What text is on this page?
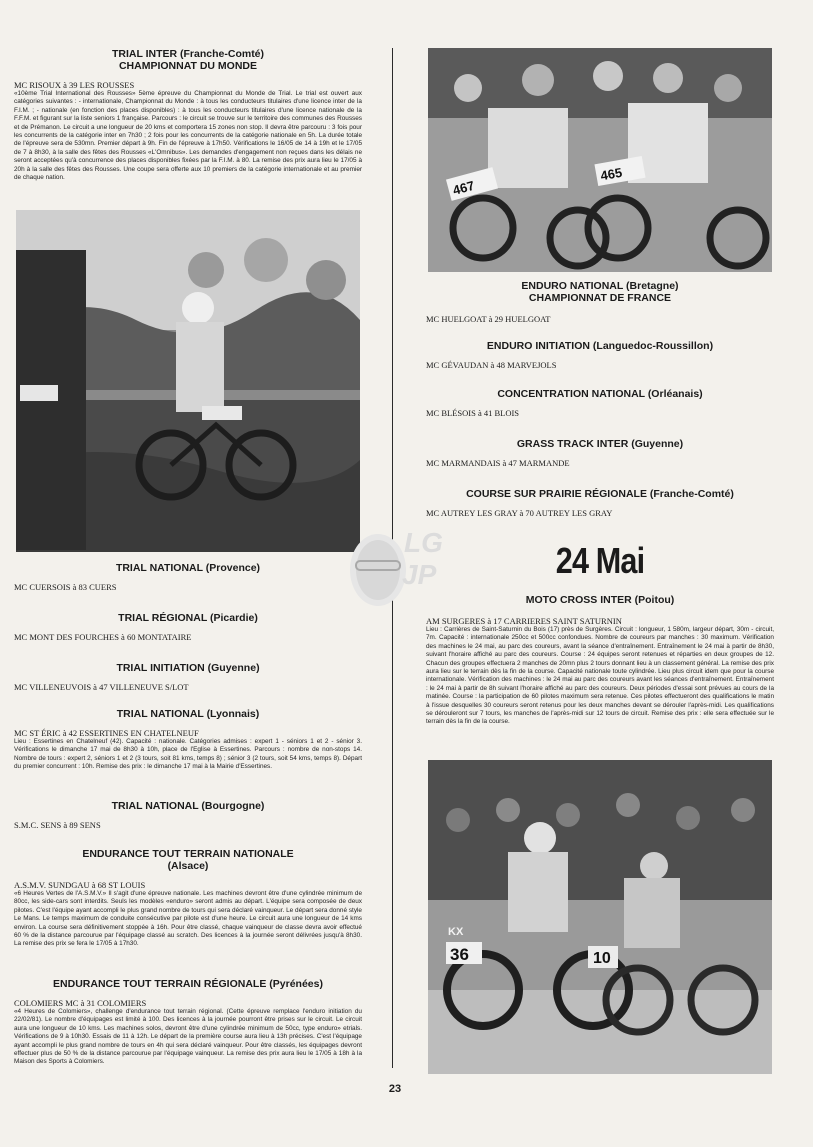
TRIAL INTER (Franche-Comté)

CHAMPIONNAT DU MONDE

MC RISOUX à 39 LES ROUSSES

«10ème Trial International des Rousses» 5ème épreuve du Championnat du Monde de Trial. Le trial est ouvert aux catégories suivantes : - internationale, Championnat du Monde : à tous les conducteurs titulaires d'une licence inter de la F.I.M. ; - nationale (en fonction des places disponibles) : à tous les conducteurs titulaires d'une licence nationale de la F.F.M. et figurant sur la liste seniors 1 française. Parcours : le circuit se trouve sur le territoire des communes des Rousses et de Prémanon. Le circuit a une longueur de 20 kms et comportera 15 zones non stop. Il devra être parcouru : 3 fois pour les concurrents de la catégorie inter en 7h30 ; 2 fois pour les concurrents de la catégorie nationale en 5h. La durée totale de l'épreuve sera de 530mn. Premier départ à 9h. Fin de l'épreuve à 17h50. Vérifications le 16/05 de 14 à 19h et le 17/05 de 7 à 8h30, à la salle des fêtes des Rousses «L'Omnibus». Les demandes d'engagement non reçues dans les délais ne seront acceptées qu'à concurrence des places disponibles fixées par la F.I.M. à 80. La remise des prix aura lieu le 17/05 à 20h à la salle des fêtes des Rousses. Une coupe sera offerte aux 10 premiers de la catégorie internationale et au premier de chaque nation.

TRIAL NATIONAL (Provence)

MC CUERSOIS à 83 CUERS

TRIAL RÉGIONAL (Picardie)

MC MONT DES FOURCHES à 60 MONTATAIRE

TRIAL INITIATION (Guyenne)

MC VILLENEUVOIS à 47 VILLENEUVE S/LOT

TRIAL NATIONAL (Lyonnais)

MC ST ÉRIC à 42 ESSERTINES EN CHATELNEUF

Lieu : Essertines en Chatelneuf (42). Capacité : nationale. Catégories admises : expert 1 - séniors 1 et 2 - sénior 3. Vérifications le dimanche 17 mai de 8h30 à 10h, place de l'Eglise à Essertines. Parcours : nombre de non-stops 14. Nombre de tours : expert 2, séniors 1 et 2 (3 tours, soit 81 kms, temps 8) ; sénior 3 (2 tours, soit 54 kms, temps 8). Départ du premier concurrent : 10h. Remise des prix : le dimanche 17 mai à la Mairie d'Essertines.

TRIAL NATIONAL (Bourgogne)

S.M.C. SENS à 89 SENS

ENDURANCE TOUT TERRAIN NATIONALE

(Alsace)

A.S.M.V. SUNDGAU à 68 ST LOUIS

«6 Heures Vertes de l'A.S.M.V.» Il s'agit d'une épreuve nationale. Les machines devront être d'une cylindrée minimum de 80cc, les side-cars sont interdits. Seuls les modèles «enduro» seront admis au départ. L'équipe sera composée de deux pilotes. C'est l'équipe ayant accompli le plus grand nombre de tours qui sera déclaré vainqueur. Le départ sera donné style Le Mans. Le temps maximum de conduite consécutive par pilote est d'une heure. Le circuit aura une longueur de 14 kms environ. La course sera définitivement stoppée à 16h. Pour être classé, chaque vainqueur de classe devra avoir effectué 60 % de la distance parcourue par l'équipage classé au scratch. Des licences à la journée seront délivrées jusqu'à 8h30. La remise des prix se fera le 17/05 à 17h30.

ENDURANCE TOUT TERRAIN RÉGIONALE (Pyrénées)

COLOMIERS MC à 31 COLOMIERS

«4 Heures de Colomiers», challenge d'endurance tout terrain régional. (Cette épreuve remplace l'enduro initiation du 22/02/81). Le nombre d'équipages est limité à 100. Des licences à la journée pourront être prises sur le circuit. Le circuit aura une longueur de 10 kms. Les machines solos, devront être d'une cylindrée minimum de 50cc, type enduro» etrials. Vérifications de 9 à 10h30. Essais de 11 à 12h. Le départ de la première course aura lieu à 13h précises. C'est l'équipage ayant accompli le plus grand nombre de tours en 4h qui sera déclaré vainqueur. Pour être classés, les équipages devront effectuer plus de 50 % de la distance parcourue par l'équipage vainqueur. La remise des prix aura lieu le 17/05 à 18h à la Maison des Sports à Colomiers.

467
465

ENDURO NATIONAL (Bretagne)

CHAMPIONNAT DE FRANCE

MC HUELGOAT à 29 HUELGOAT

ENDURO INITIATION (Languedoc-Roussillon)

MC GÉVAUDAN à 48 MARVEJOLS

CONCENTRATION NATIONAL (Orléanais)

MC BLÉSOIS à 41 BLOIS

GRASS TRACK INTER (Guyenne)

MC MARMANDAIS à 47 MARMANDE

COURSE SUR PRAIRIE RÉGIONALE (Franche-Comté)

MC AUTREY LES GRAY à 70 AUTREY LES GRAY

24 Mai

MOTO CROSS INTER (Poitou)

AM SURGERES à 17 CARRIERES SAINT SATURNIN

Lieu : Carrières de Saint-Saturnin du Bois (17) près de Surgères. Circuit : longueur, 1 580m, largeur départ, 30m - circuit, 7m. Capacité : internationale 250cc et 500cc confondues. Nombre de coureurs par manches : 30 maximum. Vérification des machines le 24 mai, au parc des coureurs, avant la séance d'entraînement. Entraînement le 24 mai à partir de 8h30, suivant l'horaire affiché au parc des coureurs. Course : 24 équipes seront retenues et réparties en deux groupes de 12. Chacun des groupes effectuera 2 manches de 20mn plus 2 tours donnant lieu à un classement général. La remise des prix aura lieu sur le terrain dès la fin de la course. Capacité nationale toute cylindrée. Lieu plus circuit idem que pour la course internationale. Vérification des machines : le 24 mai au parc des coureurs avant les séances d'entraînement. Entraînement : le 24 mai à partir de 8h suivant l'horaire affiché au parc des coureurs. Deux périodes d'essai sont prévues au cours de la matinée. Course : la participation de 60 pilotes maximum sera retenue. Ces pilotes effectueront des qualifications le matin à l'issue desquelles 30 coureurs seront retenus pour les deux manches devant se dérouler l'après-midi. Les qualifications se dérouleront sur 7 tours, les manches de l'après-midi sur 12 tours de circuit. Remise des prix : elle sera effectuée sur le terrain dès la fin de la course.

36
KX
10
LG
JP
23
